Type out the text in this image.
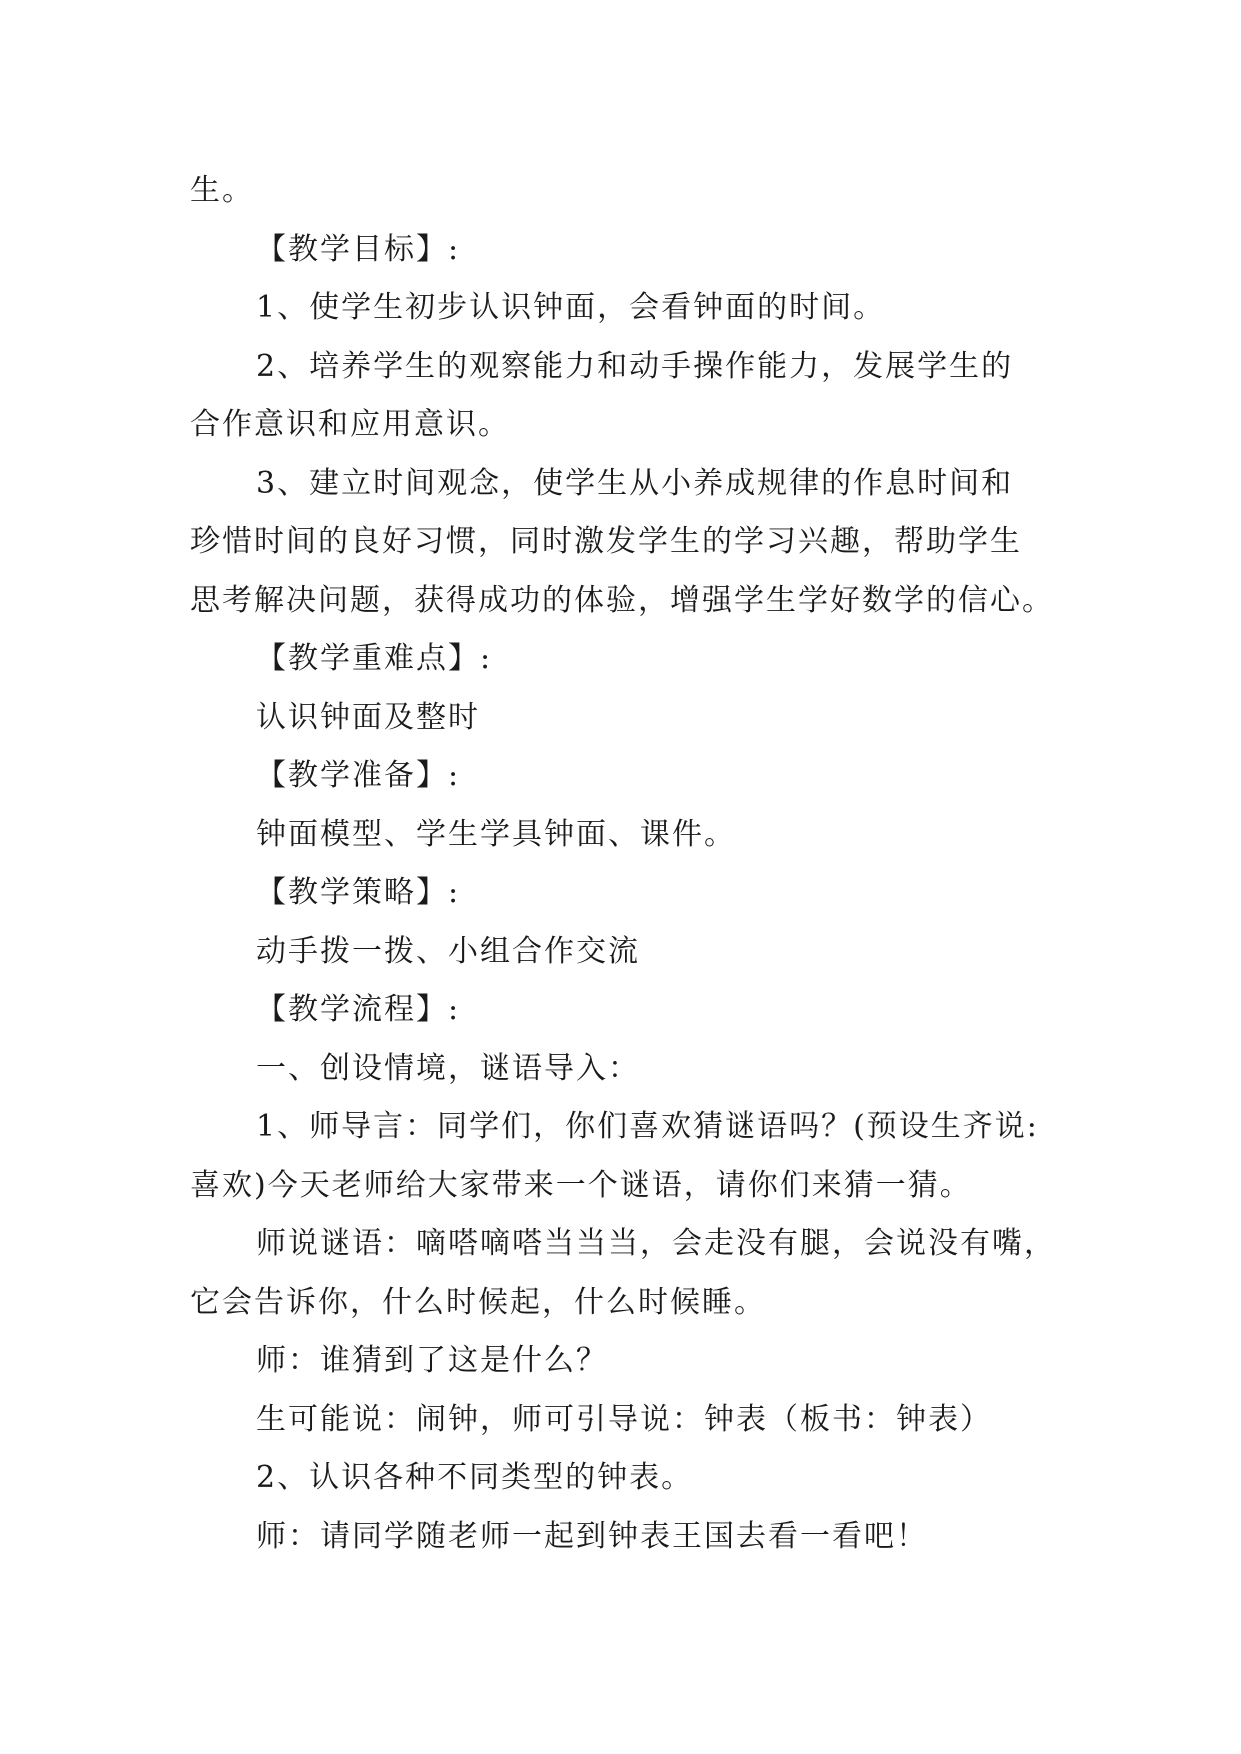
生。
【教学目标】:
1、使学生初步认识钟面，会看钟面的时间。
2、培养学生的观察能力和动手操作能力，发展学生的
合作意识和应用意识。
3、建立时间观念，使学生从小养成规律的作息时间和
珍惜时间的良好习惯，同时激发学生的学习兴趣，帮助学生
思考解决问题，获得成功的体验，增强学生学好数学的信心。
【教学重难点】:
认识钟面及整时
【教学准备】:
钟面模型、学生学具钟面、课件。
【教学策略】:
动手拨一拨、小组合作交流
【教学流程】:
一、创设情境，谜语导入：
1、师导言：同学们，你们喜欢猜谜语吗？(预设生齐说:
喜欢)今天老师给大家带来一个谜语，请你们来猜一猜。
师说谜语：嘀嗒嘀嗒当当当，会走没有腿，会说没有嘴，
它会告诉你，什么时候起，什么时候睡。
师：谁猜到了这是什么？
生可能说：闹钟，师可引导说：钟表（板书：钟表）
2、认识各种不同类型的钟表。
师：请同学随老师一起到钟表王国去看一看吧！
